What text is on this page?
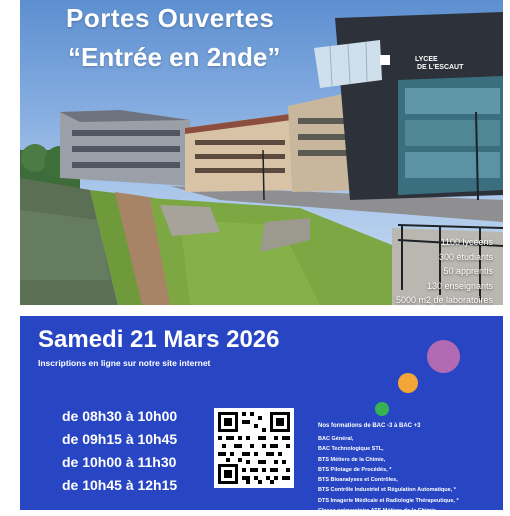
Portes Ouvertes
“Entrée en 2nde”	LYCEE
DE L'ESCAUT
1100 lycéens
300 étudiants
50 apprentis
130 enseignants
5000 m2 de laboratoires
Samedi 21 Mars 2026
Inscriptions en ligne sur notre site internet
de 08h30 à 10h00
de 09h15 à 10h45
de 10h00 à 11h30
de 10h45 à 12h15
Nos formations de BAC -3 à BAC +3
BAC Général,
BAC Technologique STL,
BTS Métiers de la Chimie,
BTS Pilotage de Procédés, *
BTS Bioanalyses et Contrôles,
BTS Contrôle Industriel et Régulation Automatique, *
DTS Imagerie Médicale et Radiologie Thérapeutique, *
Classe préparatoire ATS Métiers de la Chimie.
